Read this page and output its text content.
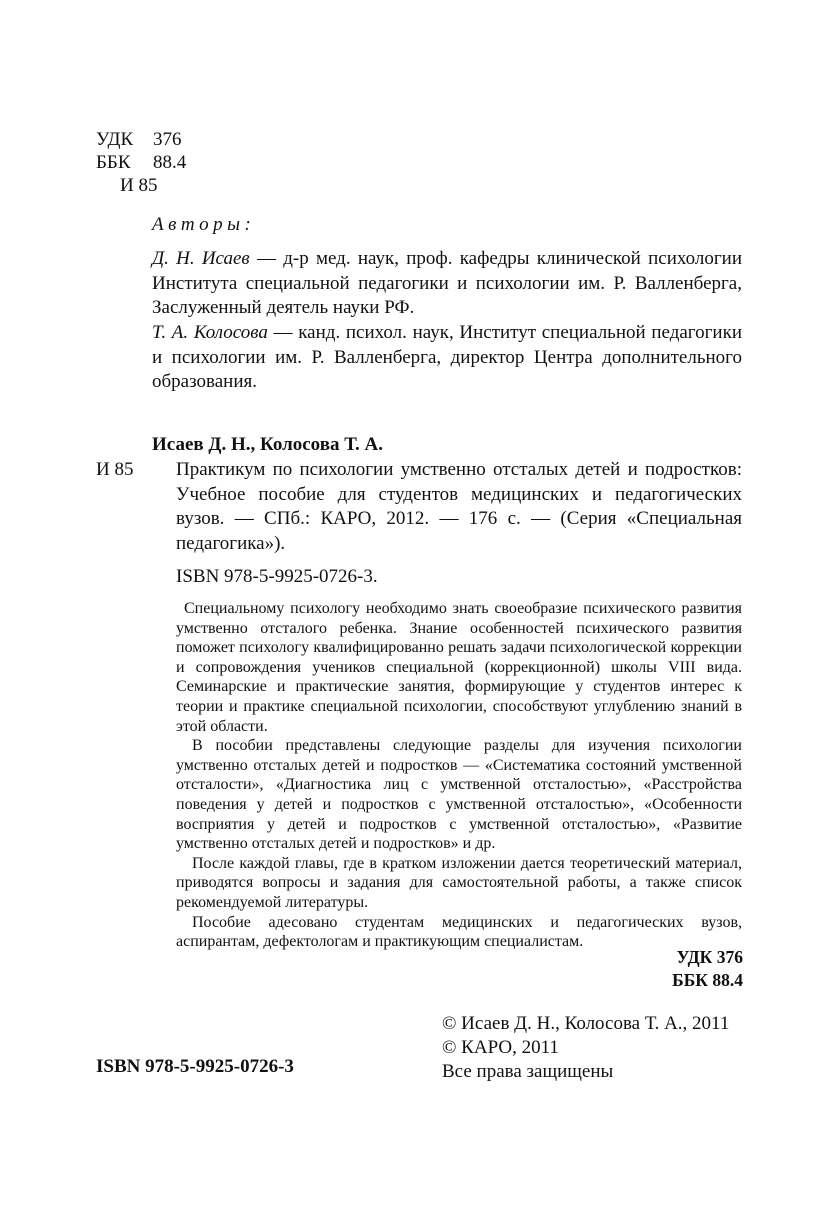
УДК	376
ББК	88.4
И 85
Авторы:
Д. Н. Исаев — д-р мед. наук, проф. кафедры клинической психологии Института специальной педагогики и психологии им. Р. Валленберга, Заслуженный деятель науки РФ.
Т. А. Колосова — канд. психол. наук, Институт специальной педагогики и психологии им. Р. Валленберга, директор Центра дополнительного образования.
Исаев Д. Н., Колосова Т. А.
И 85 Практикум по психологии умственно отсталых детей и подростков: Учебное пособие для студентов медицинских и педагогических вузов. — СПб.: КАРО, 2012. — 176 с. — (Серия «Специальная педагогика»).
ISBN 978-5-9925-0726-3.

Специальному психологу необходимо знать своеобразие психического развития умственно отсталого ребенка. Знание особенностей психического развития поможет психологу квалифицированно решать задачи психологической коррекции и сопровождения учеников специальной (коррекционной) школы VIII вида. Семинарские и практические занятия, формирующие у студентов интерес к теории и практике специальной психологии, способствуют углублению знаний в этой области.

В пособии представлены следующие разделы для изучения психологии умственно отсталых детей и подростков — «Систематика состояний умственной отсталости», «Диагностика лиц с умственной отсталостью», «Расстройства поведения у детей и подростков с умственной отсталостью», «Особенности восприятия у детей и подростков с умственной отсталостью», «Развитие умственно отсталых детей и подростков» и др.

После каждой главы, где в кратком изложении дается теоретический материал, приводятся вопросы и задания для самостоятельной работы, а также список рекомендуемой литературы.

Пособие адесовано студентам медицинских и педагогических вузов, аспирантам, дефектологам и практикующим специалистам.

УДК 376
ББК 88.4
© Исаев Д. Н., Колосова Т. А., 2011
© КАРО, 2011
Все права защищены
ISBN 978-5-9925-0726-3
